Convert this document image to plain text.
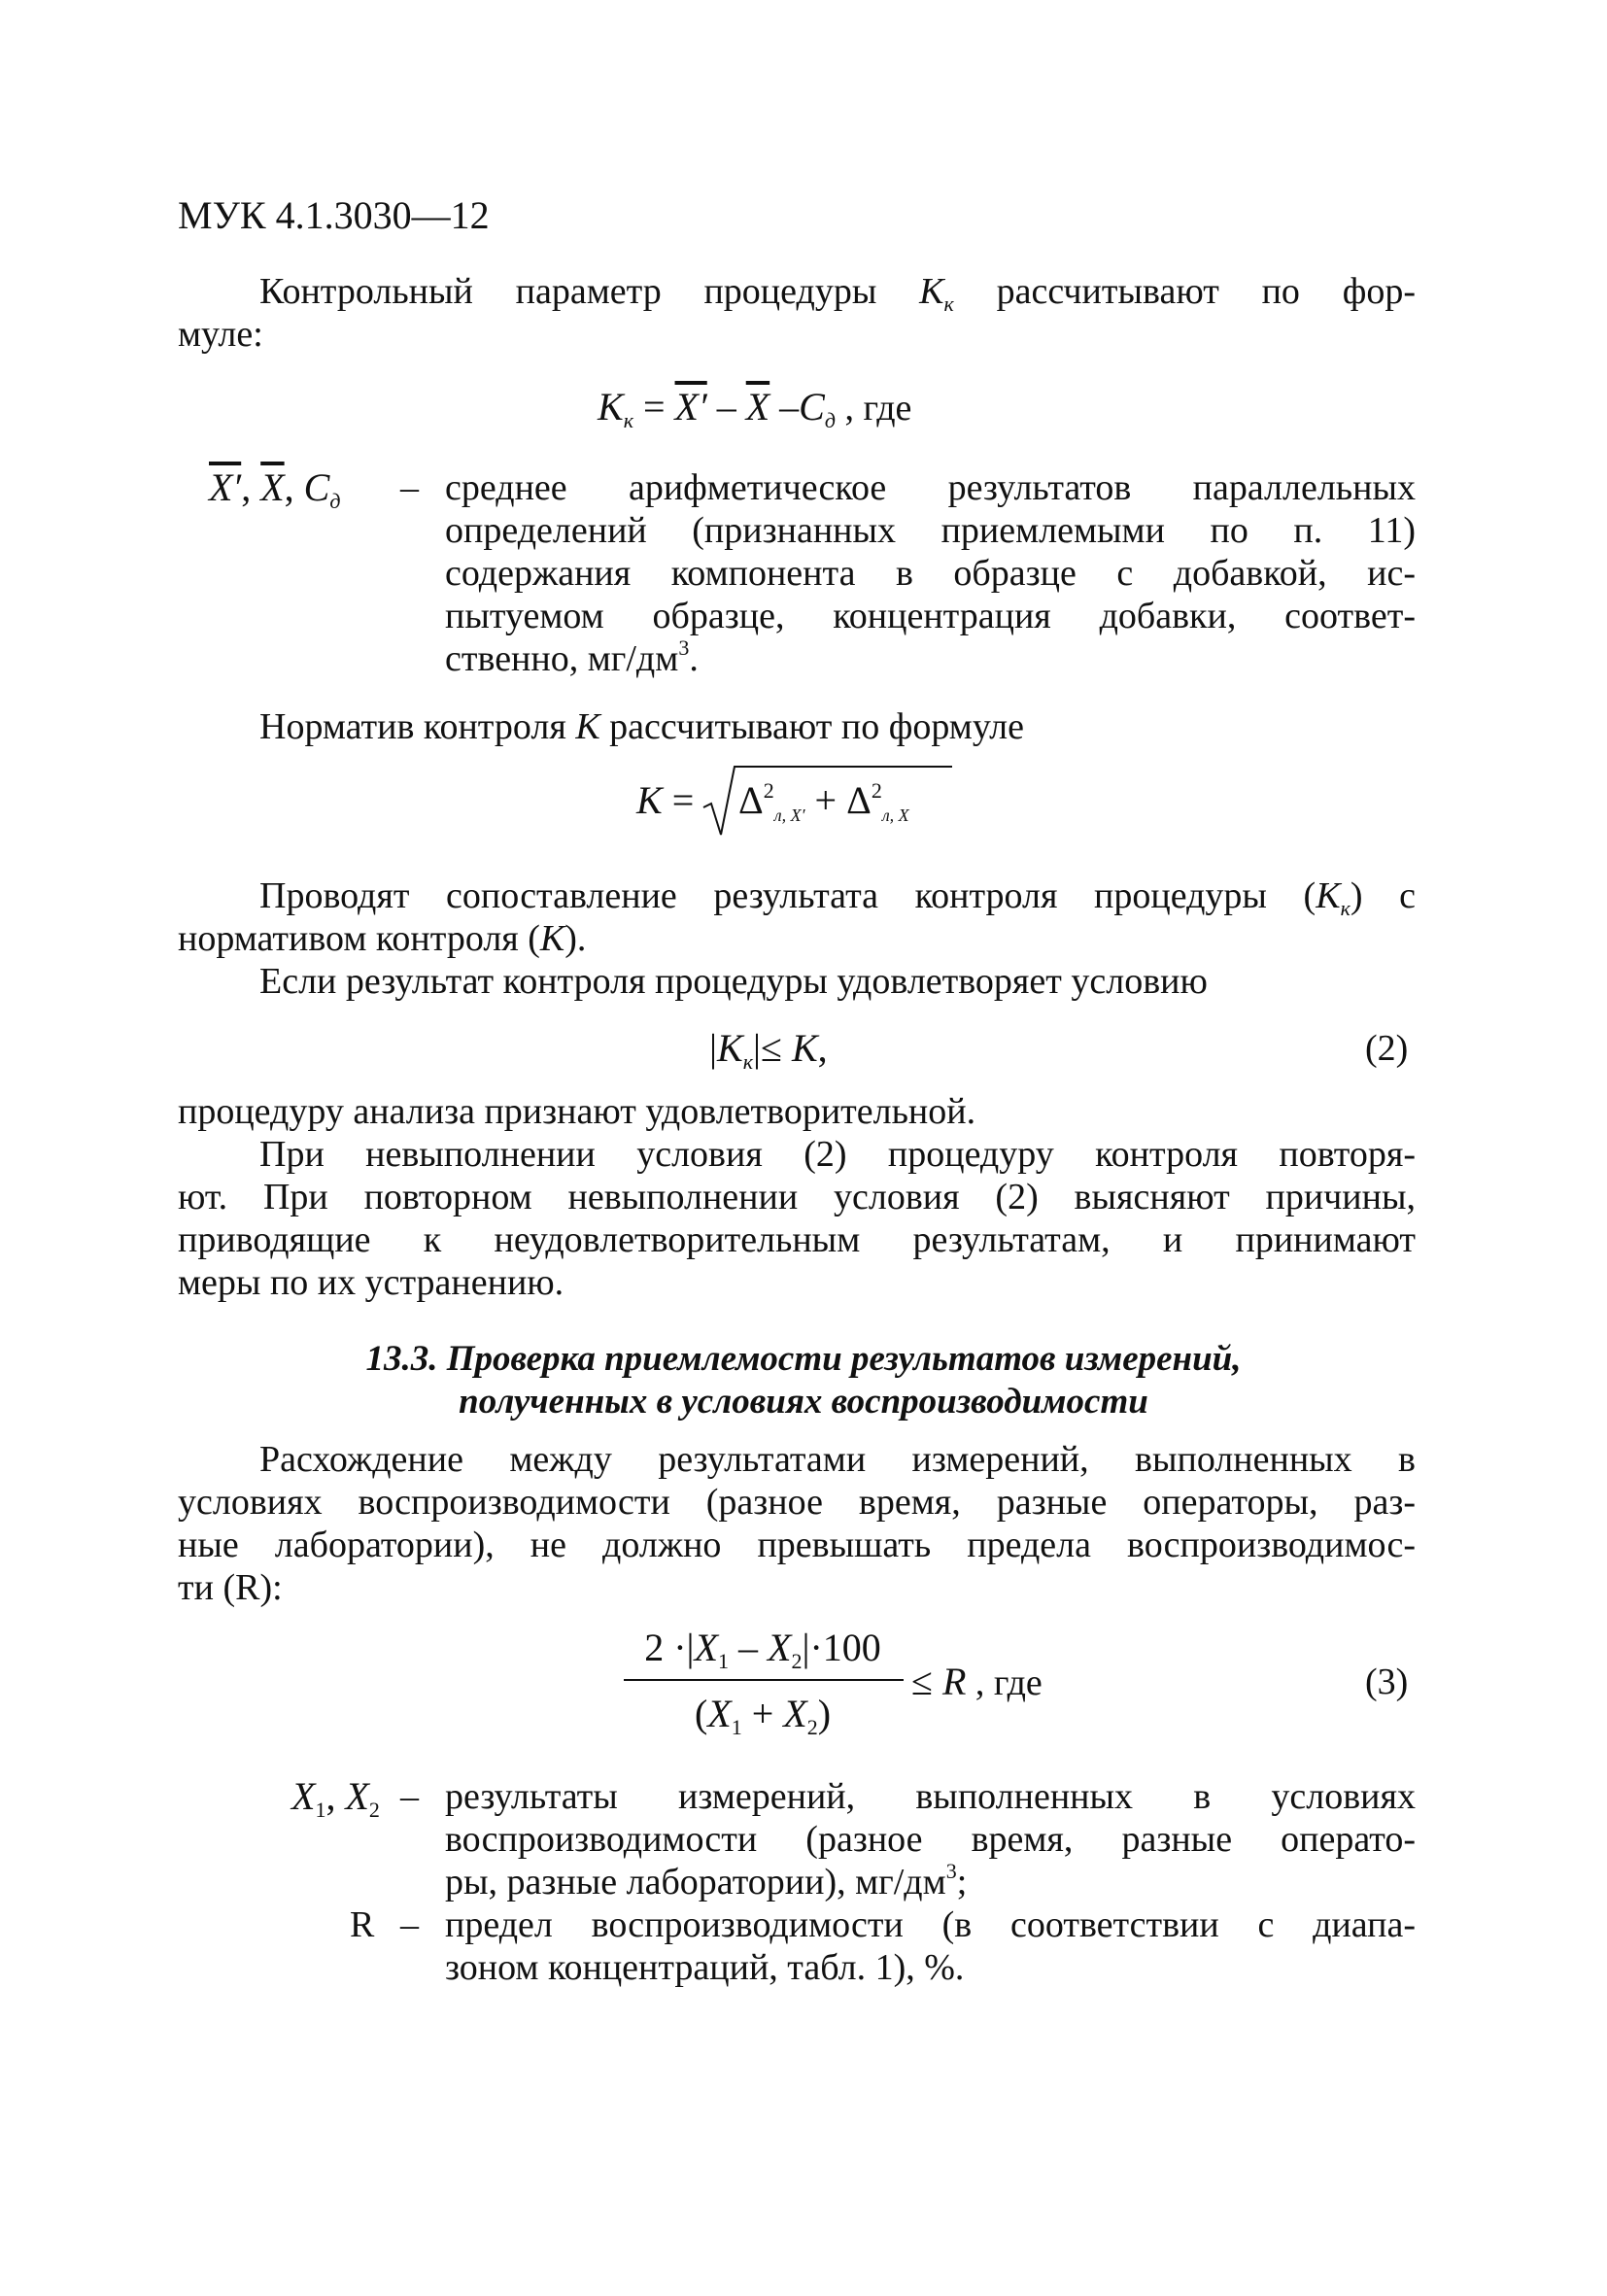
МУК 4.1.3030—12
Контрольный параметр процедуры $K_к$ рассчитывают по фор-
муле:
$K_к = X' - \overline{X}$ $-C_д$ , где
X′, $\overline{X}$, $C_д$ – среднее арифметическое результатов параллельных
определений (признанных приемлемыми по п. 11)
содержания компонента в образце с добавкой, ис-
пытуемом образце, концентрация добавки, соответ-
ственно, $мг/дм^3$.
Норматив контроля K рассчитывают по формуле
$K = \Delta^2_{л, X'} + \Delta^2_{л, X}$
Проводят сопоставление результата контроля процедуры $(K_к)$ с
нормативом контроля (K).
Если результат контроля процедуры удовлетворяет условию
$|K_к|\le K$,	(2)
процедуру анализа признают удовлетворительной.
При невыполнении условия (2) процедуру контроля повторя-
ют. При повторном невыполнении условия (2) выясняют причины,
приводящие к неудовлетворительным результатам, и принимают
меры по их устранению.
13.3. Проверка приемлемости результатов измерений,
полученных в условиях воспроизводимости
Расхождение между результатами измерений, выполненных в
условиях воспроизводимости (разное время, разные операторы, раз-
ные лаборатории), не должно превышать предела воспроизводимос-
ти (R):
$2 \cdot|X_1 - X_2|\cdot 100$
$(X_1 + X_2)$
≤ R , где	(3)
$X_1$, $X_2$ – результаты измерений, выполненных в условиях
воспроизводимости (разное время, разные операто-
ры, разные лаборатории), $мг/дм^3$;
R – предел воспроизводимости (в соответствии с диапа-
зоном концентраций, табл. 1), %.
